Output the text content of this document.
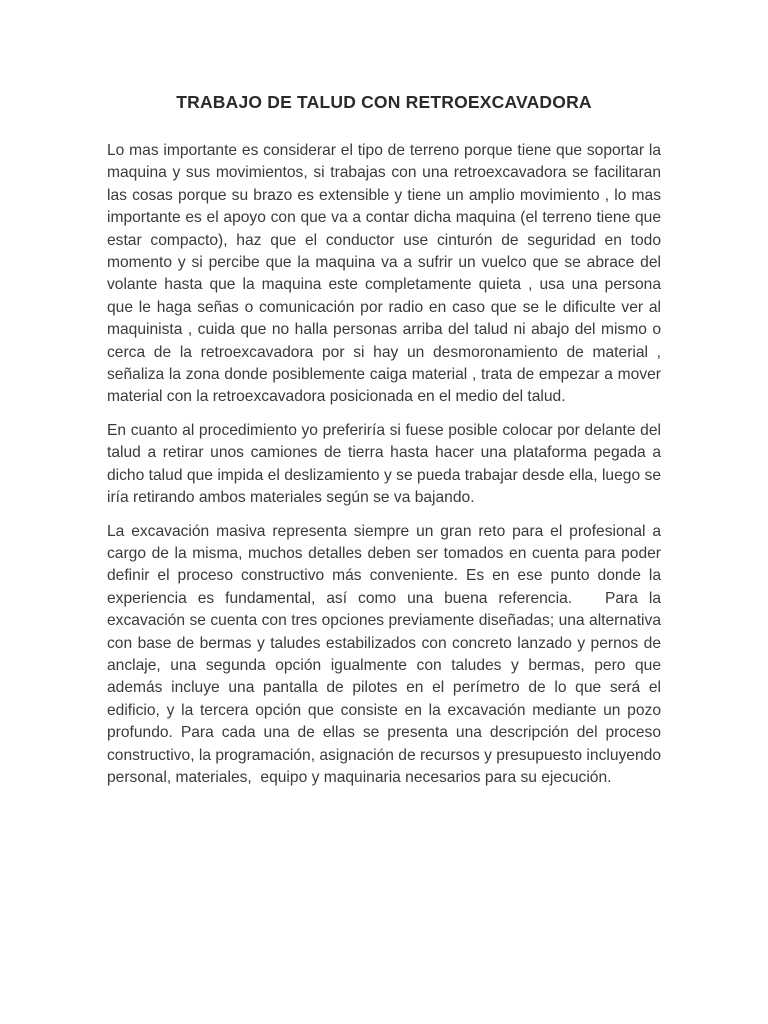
TRABAJO DE TALUD CON RETROEXCAVADORA

Lo mas importante es considerar el tipo de terreno porque tiene que soportar la maquina y sus movimientos, si trabajas con una retroexcavadora se facilitaran las cosas porque su brazo es extensible y tiene un amplio movimiento , lo mas importante es el apoyo con que va a contar dicha maquina (el terreno tiene que estar compacto), haz que el conductor use cinturón de seguridad en todo momento y si percibe que la maquina va a sufrir un vuelco que se abrace del volante hasta que la maquina este completamente quieta , usa una persona que le haga señas o comunicación por radio en caso que se le dificulte ver al maquinista , cuida que no halla personas arriba del talud ni abajo del mismo o cerca de la retroexcavadora por si hay un desmoronamiento de material , señaliza la zona donde posiblemente caiga material , trata de empezar a mover material con la retroexcavadora posicionada en el medio del talud.

En cuanto al procedimiento yo preferiría si fuese posible colocar por delante del talud a retirar unos camiones de tierra hasta hacer una plataforma pegada a dicho talud que impida el deslizamiento y se pueda trabajar desde ella, luego se iría retirando ambos materiales según se va bajando.

La excavación masiva representa siempre un gran reto para el profesional a cargo de la misma, muchos detalles deben ser tomados en cuenta para poder definir el proceso constructivo más conveniente. Es en ese punto donde la experiencia es fundamental, así como una buena referencia.   Para la excavación se cuenta con tres opciones previamente diseñadas; una alternativa con base de bermas y taludes estabilizados con concreto lanzado y pernos de anclaje, una segunda opción igualmente con taludes y bermas, pero que además incluye una pantalla de pilotes en el perímetro de lo que será el edificio, y la tercera opción que consiste en la excavación mediante un pozo profundo. Para cada una de ellas se presenta una descripción del proceso constructivo, la programación, asignación de recursos y presupuesto incluyendo personal, materiales,  equipo y maquinaria necesarios para su ejecución.
